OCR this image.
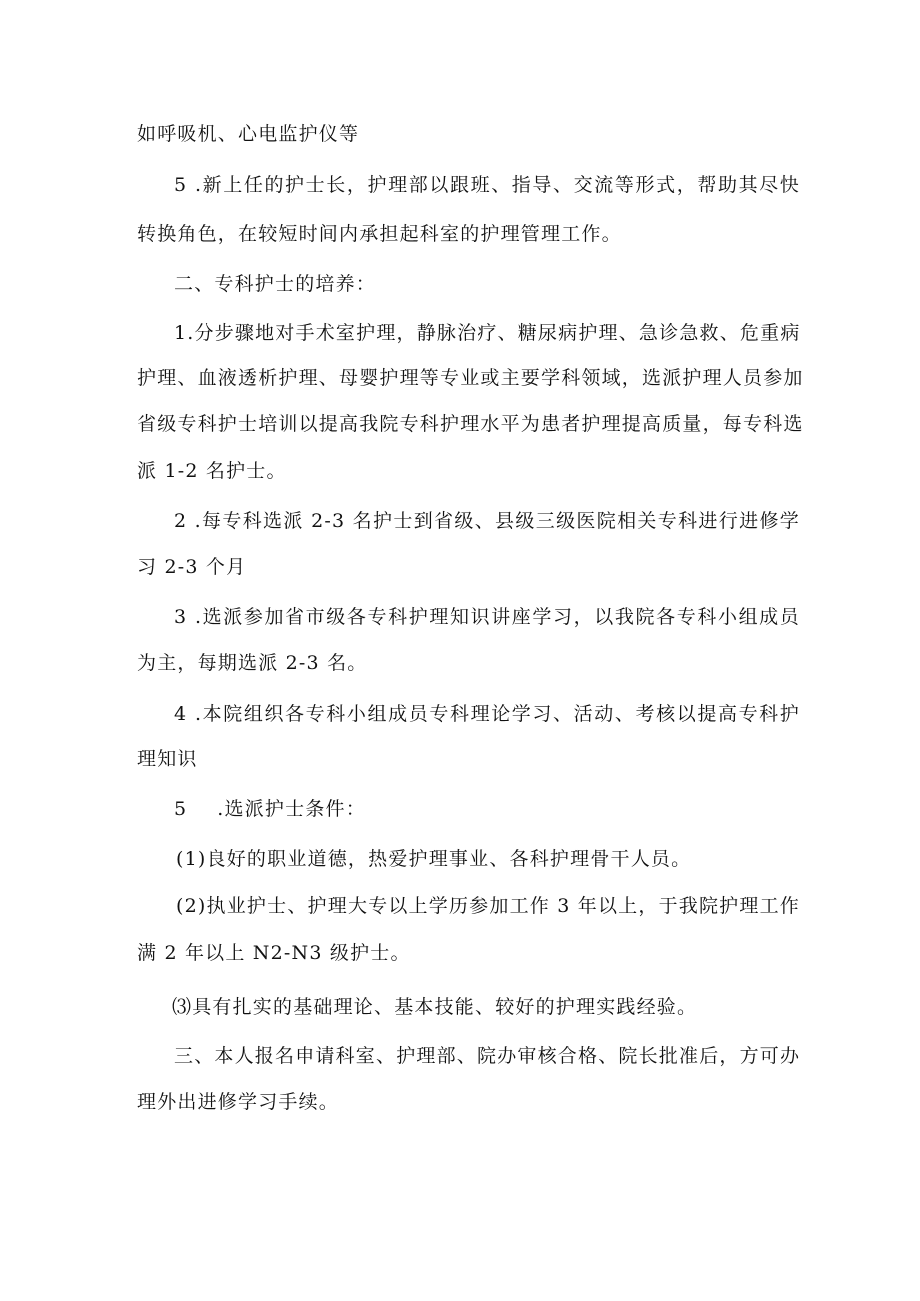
如呼吸机、心电监护仪等
5 .新上任的护士长，护理部以跟班、指导、交流等形式，帮助其尽快
转换角色，在较短时间内承担起科室的护理管理工作。
二、专科护士的培养：
1.分步骤地对手术室护理，静脉治疗、糖尿病护理、急诊急救、危重病
护理、血液透析护理、母婴护理等专业或主要学科领域，选派护理人员参加
省级专科护士培训以提高我院专科护理水平为患者护理提高质量，每专科选
派 1-2 名护士。
2 .每专科选派 2-3 名护士到省级、县级三级医院相关专科进行进修学
习 2-3 个月
3 .选派参加省市级各专科护理知识讲座学习，以我院各专科小组成员
为主，每期选派 2-3 名。
4 .本院组织各专科小组成员专科理论学习、活动、考核以提高专科护
理知识
5 .选派护士条件：
(1)良好的职业道德，热爱护理事业、各科护理骨干人员。
(2)执业护士、护理大专以上学历参加工作 3 年以上，于我院护理工作
满 2 年以上 N2-N3 级护士。
⑶具有扎实的基础理论、基本技能、较好的护理实践经验。
三、本人报名申请科室、护理部、院办审核合格、院长批准后，方可办
理外出进修学习手续。
